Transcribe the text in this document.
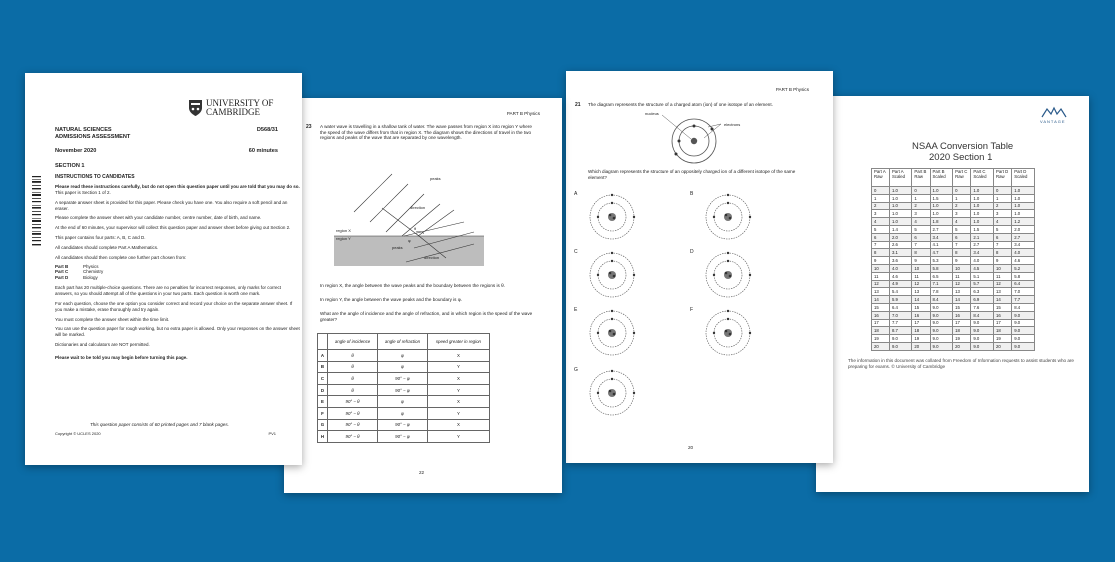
VANTAGE
NSAA Conversion Table
2020 Section 1
Part A Raw	Part A Scaled	Part B Raw	Part B Scaled	Part C Raw	Part C Scaled	Part D Raw	Part D Scaled
0	1.0	0	1.0	0	1.0	0	1.0
1	1.0	1	1.5	1	1.0	1	1.0
2	1.0	2	1.0	2	1.0	2	1.0
3	1.0	3	1.0	3	1.0	3	1.0
4	1.0	4	1.8	4	1.0	4	1.2
5	1.4	5	2.7	5	1.5	5	2.0
6	2.0	6	3.4	6	2.1	6	2.7
7	2.6	7	4.1	7	2.7	7	3.4
8	3.1	8	4.7	8	3.4	8	4.0
9	3.6	9	5.3	9	4.0	9	4.6
10	4.0	10	5.8	10	4.5	10	5.2
11	4.6	11	6.5	11	5.1	11	5.8
12	4.9	12	7.1	12	5.7	12	6.4
13	5.4	13	7.8	13	6.3	13	7.0
14	5.9	14	8.4	14	6.9	14	7.7
15	6.4	15	9.0	15	7.6	15	8.4
16	7.0	16	9.0	16	8.4	16	9.0
17	7.7	17	9.0	17	9.0	17	9.0
18	8.7	18	9.0	18	9.0	18	9.0
19	9.0	19	9.0	19	9.0	19	9.0
20	9.0	20	9.0	20	9.0	20	9.0
The information in this document was collated from Freedom of Information requests to assist students who are preparing for exams. © University of Cambridge
PART B Physics
21 The diagram represents the structure of a charged atom (ion) of one isotope of an element.
nucleus
electrons
Which diagram represents the structure of an oppositely charged ion of a different isotope of the same element?
A	B
C	D
E	F
G
20
PART B Physics
23 A water wave is travelling in a shallow tank of water. The wave passes from region X into region Y where the speed of the wave differs from that in region X. The diagram shows the directions of travel in the two regions and peaks of the wave that are separated by one wavelength.
peaks
direction
θ
region X
region Y	φ
peaks
direction
In region X, the angle between the wave peaks and the boundary between the regions is θ.
In region Y, the angle between the wave peaks and the boundary is φ.
What are the angle of incidence and the angle of refraction, and in which region is the speed of the wave greater?
	angle of incidence	angle of refraction	speed greater in region
A	θ	φ	X
B	θ	φ	Y
C	θ	90° − φ	X
D	θ	90° − φ	Y
E	90° − θ	φ	X
F	90° − θ	φ	Y
G	90° − θ	90° − φ	X
H	90° − θ	90° − φ	Y
22
UNIVERSITY OF CAMBRIDGE
NATURAL SCIENCES
ADMISSIONS ASSESSMENT
D568/31
November 2020	60 minutes
SECTION 1
INSTRUCTIONS TO CANDIDATES

Please read these instructions carefully, but do not open this question paper until you are told that you may do so. This paper is Section 1 of 2.

A separate answer sheet is provided for this paper. Please check you have one. You also require a soft pencil and an eraser.

Please complete the answer sheet with your candidate number, centre number, date of birth, and name.

At the end of 60 minutes, your supervisor will collect this question paper and answer sheet before giving out Section 2.

This paper contains four parts: A, B, C and D.

All candidates should complete Part A Mathematics.

All candidates should then complete one further part chosen from:

Part B	Physics
Part C	Chemistry
Part D	Biology

Each part has 20 multiple-choice questions. There are no penalties for incorrect responses, only marks for correct answers, so you should attempt all of the questions in your two parts. Each question is worth one mark.

For each question, choose the one option you consider correct and record your choice on the separate answer sheet. If you make a mistake, erase thoroughly and try again.

You must complete the answer sheet within the time limit.

You can use the question paper for rough working, but no extra paper is allowed. Only your responses on the answer sheet will be marked.

Dictionaries and calculators are NOT permitted.

Please wait to be told you may begin before turning this page.

This question paper consists of 60 printed pages and 7 blank pages.
Copyright © UCLES 2020	PV1
